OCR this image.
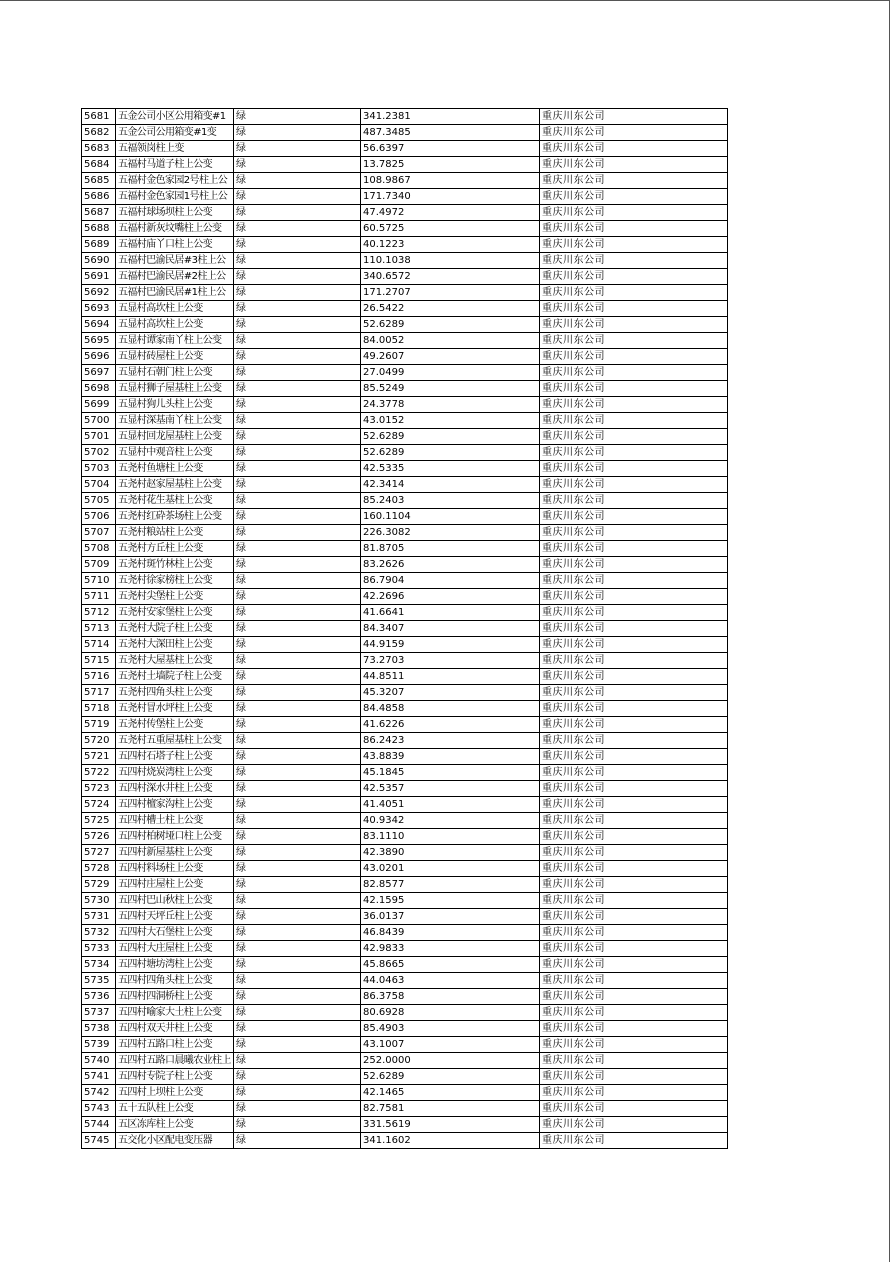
5681	五金公司小区公用箱变#1	绿	341.2381	重庆川东公司
5682	五金公司公用箱变#1变	绿	487.3485	重庆川东公司
5683	五福领岗柱上变	绿	56.6397	重庆川东公司
5684	五福村马道子柱上公变	绿	13.7825	重庆川东公司
5685	五福村金色家园2号柱上公	绿	108.9867	重庆川东公司
5686	五福村金色家园1号柱上公	绿	171.7340	重庆川东公司
5687	五福村球场坝柱上公变	绿	47.4972	重庆川东公司
5688	五福村新灰坟嘴柱上公变	绿	60.5725	重庆川东公司
5689	五福村庙丫口柱上公变	绿	40.1223	重庆川东公司
5690	五福村巴渝民居#3柱上公	绿	110.1038	重庆川东公司
5691	五福村巴渝民居#2柱上公	绿	340.6572	重庆川东公司
5692	五福村巴渝民居#1柱上公	绿	171.2707	重庆川东公司
5693	五显村高坎柱上公变	绿	26.5422	重庆川东公司
5694	五显村高坎柱上公变	绿	52.6289	重庆川东公司
5695	五显村谭家南丫柱上公变	绿	84.0052	重庆川东公司
5696	五显村砖屋柱上公变	绿	49.2607	重庆川东公司
5697	五显村石朝门柱上公变	绿	27.0499	重庆川东公司
5698	五显村狮子屋基柱上公变	绿	85.5249	重庆川东公司
5699	五显村狗儿头柱上公变	绿	24.3778	重庆川东公司
5700	五显村深基南丫柱上公变	绿	43.0152	重庆川东公司
5701	五显村回龙屋基柱上公变	绿	52.6289	重庆川东公司
5702	五显村中观音柱上公变	绿	52.6289	重庆川东公司
5703	五尧村鱼塘柱上公变	绿	42.5335	重庆川东公司
5704	五尧村赵家屋基柱上公变	绿	42.3414	重庆川东公司
5705	五尧村花生基柱上公变	绿	85.2403	重庆川东公司
5706	五尧村红砕茶场柱上公变	绿	160.1104	重庆川东公司
5707	五尧村粮站柱上公变	绿	226.3082	重庆川东公司
5708	五尧村方丘柱上公变	绿	81.8705	重庆川东公司
5709	五尧村斑竹林柱上公变	绿	83.2626	重庆川东公司
5710	五尧村徐家榜柱上公变	绿	86.7904	重庆川东公司
5711	五尧村尖堡柱上公变	绿	42.2696	重庆川东公司
5712	五尧村安家堡柱上公变	绿	41.6641	重庆川东公司
5713	五尧村大院子柱上公变	绿	84.3407	重庆川东公司
5714	五尧村大深田柱上公变	绿	44.9159	重庆川东公司
5715	五尧村大屋基柱上公变	绿	73.2703	重庆川东公司
5716	五尧村土墙院子柱上公变	绿	44.8511	重庆川东公司
5717	五尧村四角头柱上公变	绿	45.3207	重庆川东公司
5718	五尧村冒水坪柱上公变	绿	84.4858	重庆川东公司
5719	五尧村传堡柱上公变	绿	41.6226	重庆川东公司
5720	五尧村五重屋基柱上公变	绿	86.2423	重庆川东公司
5721	五四村石塔子柱上公变	绿	43.8839	重庆川东公司
5722	五四村烧炭湾柱上公变	绿	45.1845	重庆川东公司
5723	五四村深水井柱上公变	绿	42.5357	重庆川东公司
5724	五四村檀家沟柱上公变	绿	41.4051	重庆川东公司
5725	五四村槽土柱上公变	绿	40.9342	重庆川东公司
5726	五四村柏树垭口柱上公变	绿	83.1110	重庆川东公司
5727	五四村新屋基柱上公变	绿	42.3890	重庆川东公司
5728	五四村料场柱上公变	绿	43.0201	重庆川东公司
5729	五四村庄屋柱上公变	绿	82.8577	重庆川东公司
5730	五四村巴山秋柱上公变	绿	42.1595	重庆川东公司
5731	五四村天坪丘柱上公变	绿	36.0137	重庆川东公司
5732	五四村大石堡柱上公变	绿	46.8439	重庆川东公司
5733	五四村大庄屋柱上公变	绿	42.9833	重庆川东公司
5734	五四村塘坊湾柱上公变	绿	45.8665	重庆川东公司
5735	五四村四角头柱上公变	绿	44.0463	重庆川东公司
5736	五四村四洞桥柱上公变	绿	86.3758	重庆川东公司
5737	五四村喻家大土柱上公变	绿	80.6928	重庆川东公司
5738	五四村双天井柱上公变	绿	85.4903	重庆川东公司
5739	五四村五路口柱上公变	绿	43.1007	重庆川东公司
5740	五四村五路口晨曦农业柱上	绿	252.0000	重庆川东公司
5741	五四村专院子柱上公变	绿	52.6289	重庆川东公司
5742	五四村上坝柱上公变	绿	42.1465	重庆川东公司
5743	五十五队柱上公变	绿	82.7581	重庆川东公司
5744	五区冻库柱上公变	绿	331.5619	重庆川东公司
5745	五交化小区配电变压器	绿	341.1602	重庆川东公司
